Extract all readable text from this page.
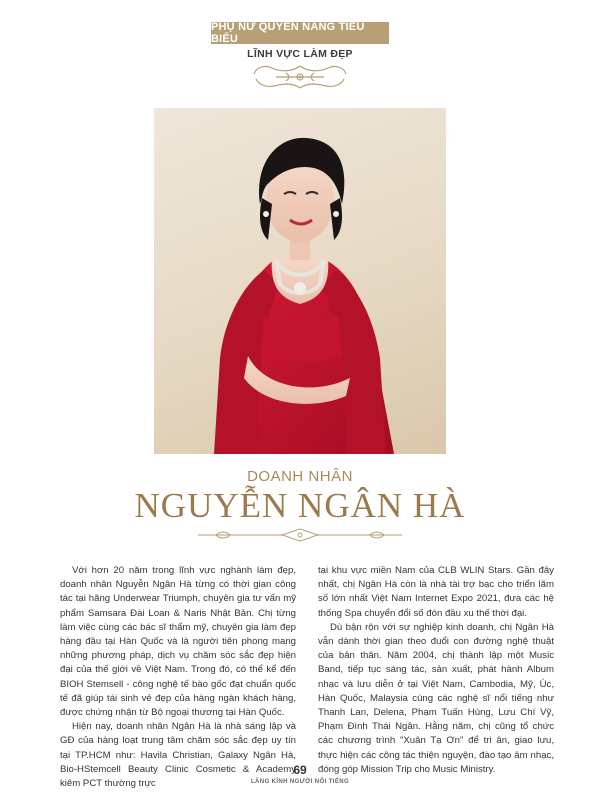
PHỤ NỮ QUYỀN NĂNG TIÊU BIỂU
LĨNH VỰC LÀM ĐẸP
DOANH NHÂN
NGUYỄN NGÂN HÀ

Với hơn 20 năm trong lĩnh vực nghành làm đẹp, doanh nhân Nguyễn Ngân Hà từng có thời gian công tác tại hãng Underwear Triumph, chuyên gia tư vấn mỹ phẩm Samsara Đài Loan & Naris Nhật Bản. Chị từng làm việc cùng các bác sĩ thẩm mỹ, chuyên gia làm đẹp hàng đầu tại Hàn Quốc và là người tiên phong mang những phương pháp, dịch vụ chăm sóc sắc đẹp hiện đại của thế giới về Việt Nam. Trong đó, có thể kể đến BIOH Stemsell - công nghệ tế bào gốc đạt chuẩn quốc tế đã giúp tái sinh vẻ đẹp của hàng ngàn khách hàng, được chứng nhận từ Bộ ngoại thương tại Hàn Quốc.

Hiện nay, doanh nhân Ngân Hà là nhà sáng lập và GĐ của hàng loạt trung tâm chăm sóc sắc đẹp uy tín tại TP.HCM như: Havila Christian, Galaxy Ngân Hà, Bio-HStemcell Beauty Clinic Cosmetic & Academy kiêm PCT thường trực

tại khu vực miền Nam của CLB WLIN Stars. Gần đây nhất, chị Ngân Hà còn là nhà tài trợ bạc cho triển lãm số lớn nhất Việt Nam Internet Expo 2021, đưa các hệ thống Spa chuyển đổi số đón đầu xu thế thời đại.

Dù bận rộn với sự nghiệp kinh doanh, chị Ngân Hà vẫn dành thời gian theo đuổi con đường nghệ thuật của bản thân. Năm 2004, chị thành lập một Music Band, tiếp tục sáng tác, sản xuất, phát hành Album nhạc và lưu diễn ở tại Việt Nam, Cambodia, Mỹ, Úc, Hàn Quốc, Malaysia cùng các nghệ sĩ nổi tiếng như Thanh Lan, Delena, Phạm Tuấn Hùng, Lưu Chí Vỹ, Phạm Đình Thái Ngân. Hằng năm, chị cũng tổ chức các chương trình "Xuân Tạ Ơn" để tri ân, giao lưu, thực hiện các công tác thiện nguyện, đào tạo âm nhạc, đóng góp Mission Trip cho Music Ministry.

69
LĂNG KÍNH NGƯỜI NỔI TIẾNG
